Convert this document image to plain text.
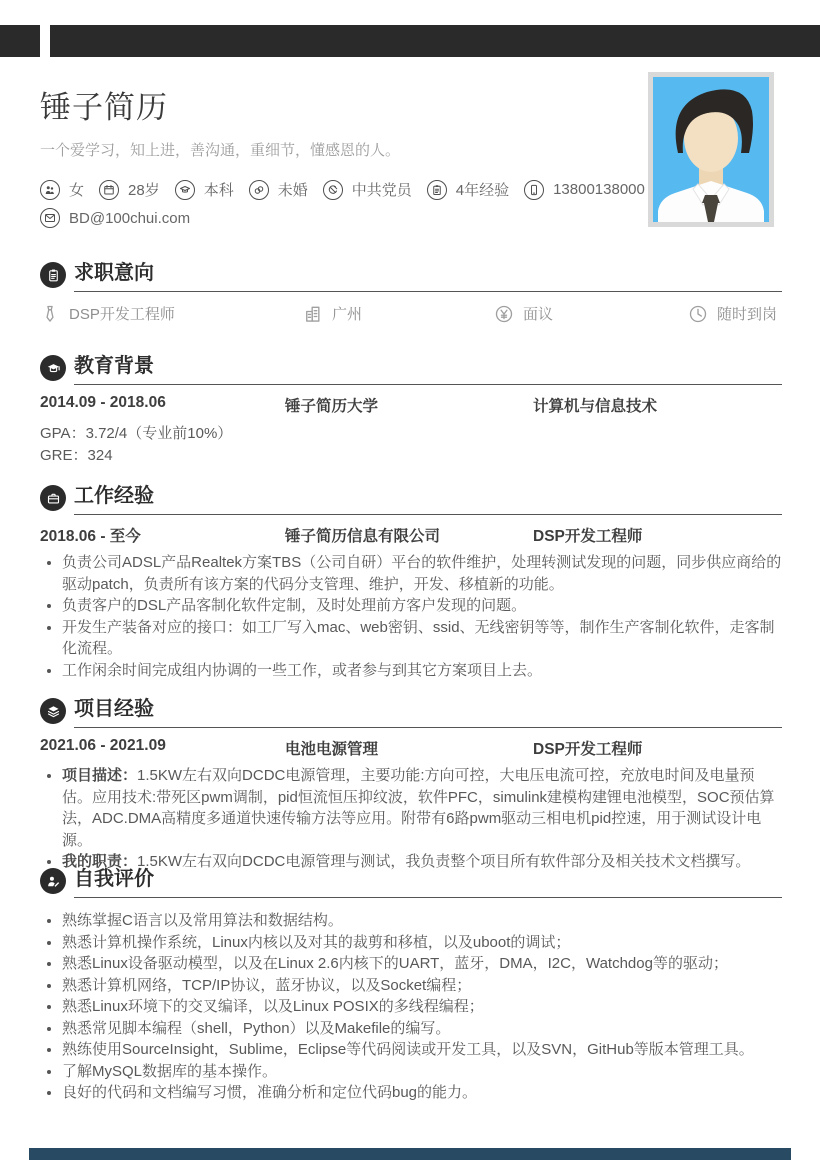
锤子简历
一个爱学习，知上进，善沟通，重细节，懂感恩的人。
女	28岁	本科	未婚	中共党员	4年经验	13800138000
BD@100chui.com
求职意向
DSP开发工程师	广州	面议	随时到岗
教育背景
2014.09 - 2018.06	锤子简历大学	计算机与信息技术
GPA：3.72/4（专业前10%）
GRE：324
工作经验
2018.06 - 至今	锤子简历信息有限公司	DSP开发工程师
负责公司ADSL产品Realtek方案TBS（公司自研）平台的软件维护，处理转测试发现的问题，同步供应商给的驱动patch，负责所有该方案的代码分支管理、维护，开发、移植新的功能。
负责客户的DSL产品客制化软件定制，及时处理前方客户发现的问题。
开发生产装备对应的接口：如工厂写入mac、web密钥、ssid、无线密钥等等，制作生产客制化软件，走客制化流程。
工作闲余时间完成组内协调的一些工作，或者参与到其它方案项目上去。
项目经验
2021.06 - 2021.09	电池电源管理	DSP开发工程师
项目描述：1.5KW左右双向DCDC电源管理，主要功能:方向可控，大电压电流可控，充放电时间及电量预估。应用技术:带死区pwm调制，pid恒流恒压抑纹波，软件PFC，simulink建模构建锂电池模型，SOC预估算法，ADC.DMA高精度多通道快速传输方法等应用。附带有6路pwm驱动三相电机pid控速，用于测试设计电源。
我的职责：1.5KW左右双向DCDC电源管理与测试，我负责整个项目所有软件部分及相关技术文档撰写。
自我评价
熟练掌握C语言以及常用算法和数据结构。
熟悉计算机操作系统，Linux内核以及对其的裁剪和移植，以及uboot的调试；
熟悉Linux设备驱动模型，以及在Linux 2.6内核下的UART，蓝牙，DMA，I2C，Watchdog等的驱动；
熟悉计算机网络，TCP/IP协议，蓝牙协议，以及Socket编程；
熟悉Linux环境下的交叉编译，以及Linux POSIX的多线程编程；
熟悉常见脚本编程（shell，Python）以及Makefile的编写。
熟练使用SourceInsight，Sublime，Eclipse等代码阅读或开发工具，以及SVN，GitHub等版本管理工具。
了解MySQL数据库的基本操作。
良好的代码和文档编写习惯，准确分析和定位代码bug的能力。
